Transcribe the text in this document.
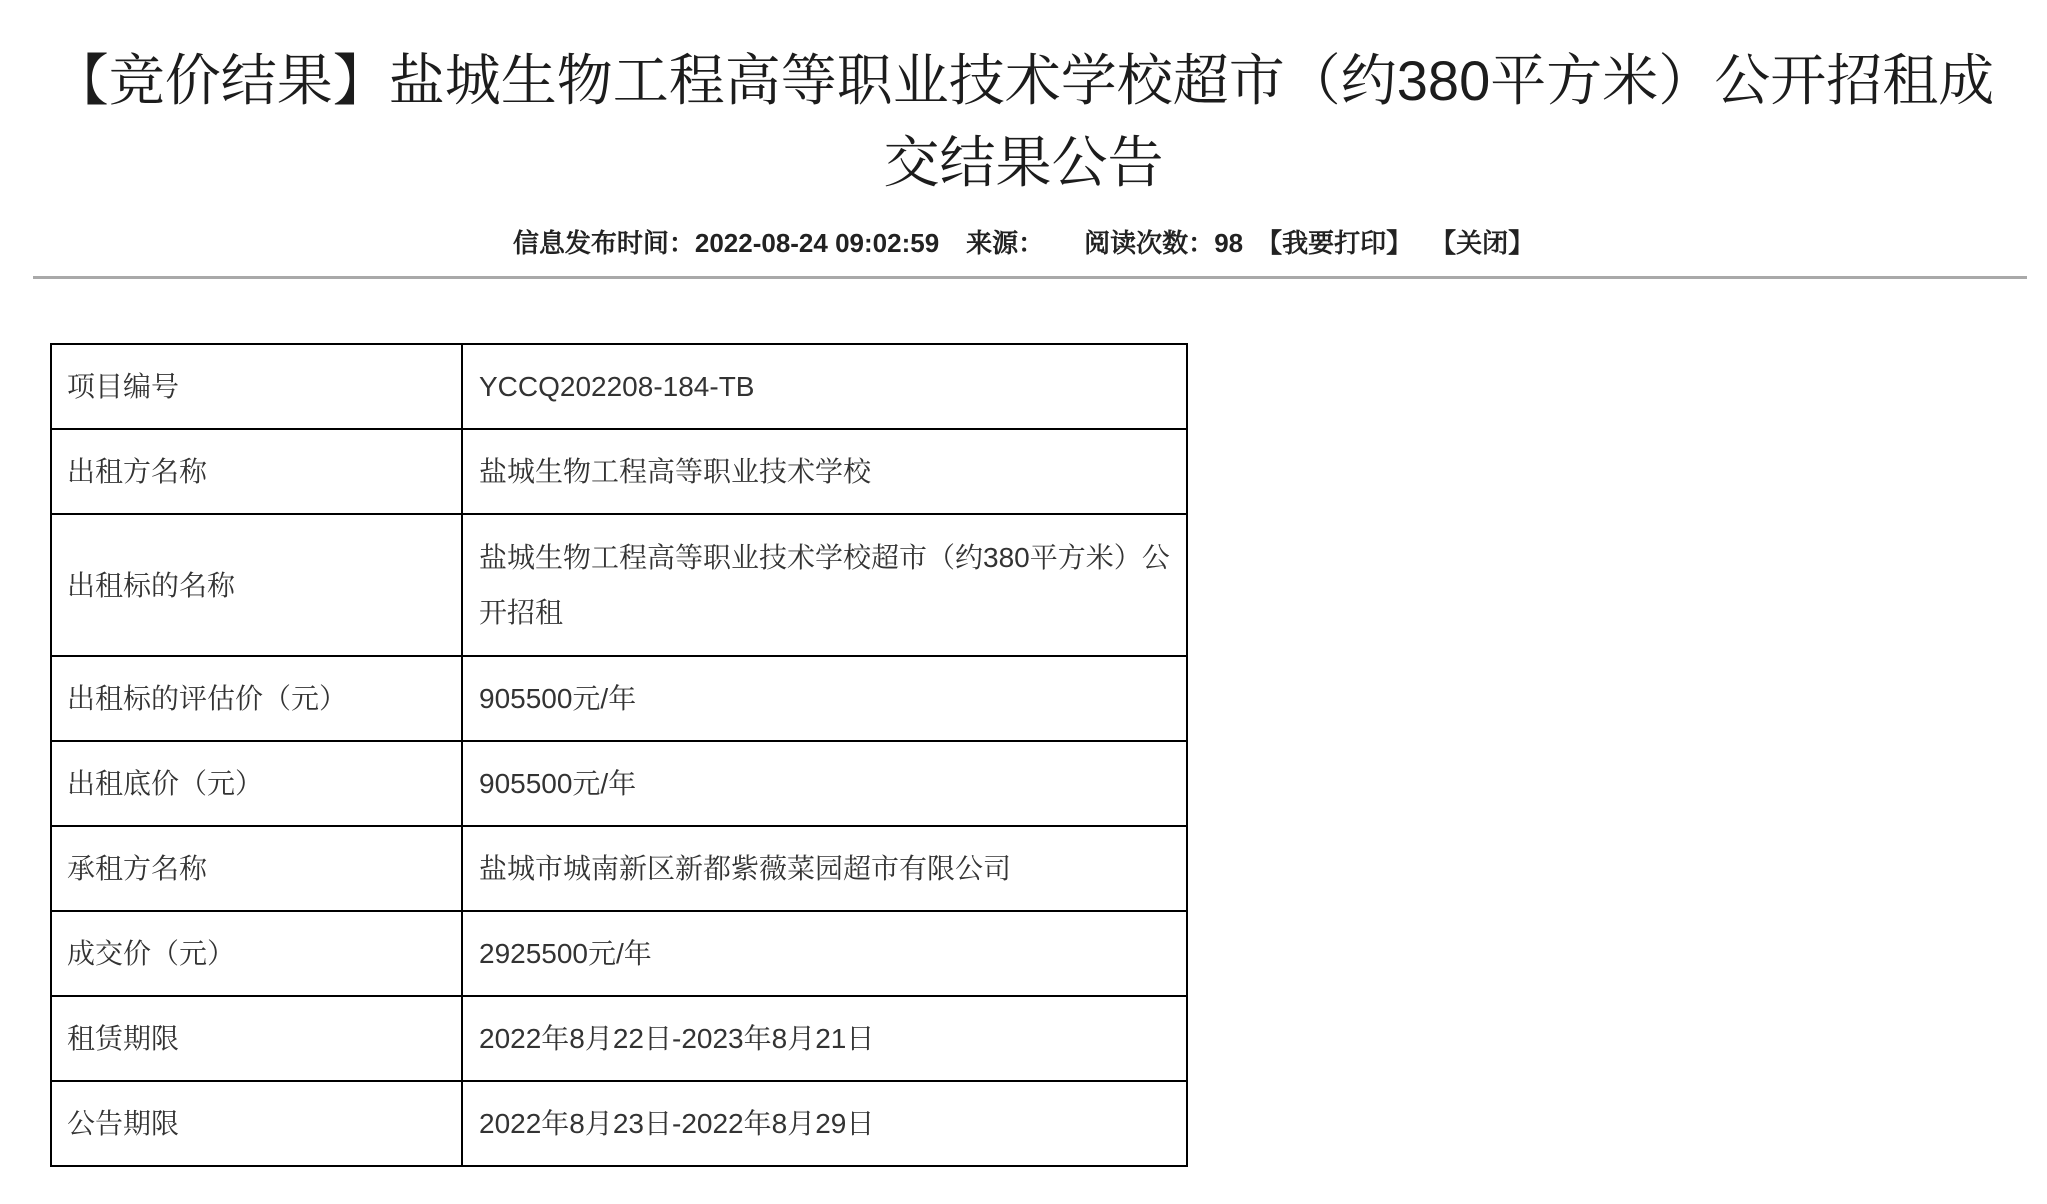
【竞价结果】盐城生物工程高等职业技术学校超市（约380平方米）公开招租成交结果公告
信息发布时间： 2022-08-24 09:02:59 来源： 阅读次数： 98 【我要打印】 【关闭】
项目编号	YCCQ202208-184-TB
出租方名称	盐城生物工程高等职业技术学校
出租标的名称	盐城生物工程高等职业技术学校超市（约380平方米）公开招租
出租标的评估价（元）	905500元/年
出租底价（元）	905500元/年
承租方名称	盐城市城南新区新都紫薇菜园超市有限公司
成交价（元）	2925500元/年
租赁期限	2022年8月22日-2023年8月21日
公告期限	2022年8月23日-2022年8月29日
